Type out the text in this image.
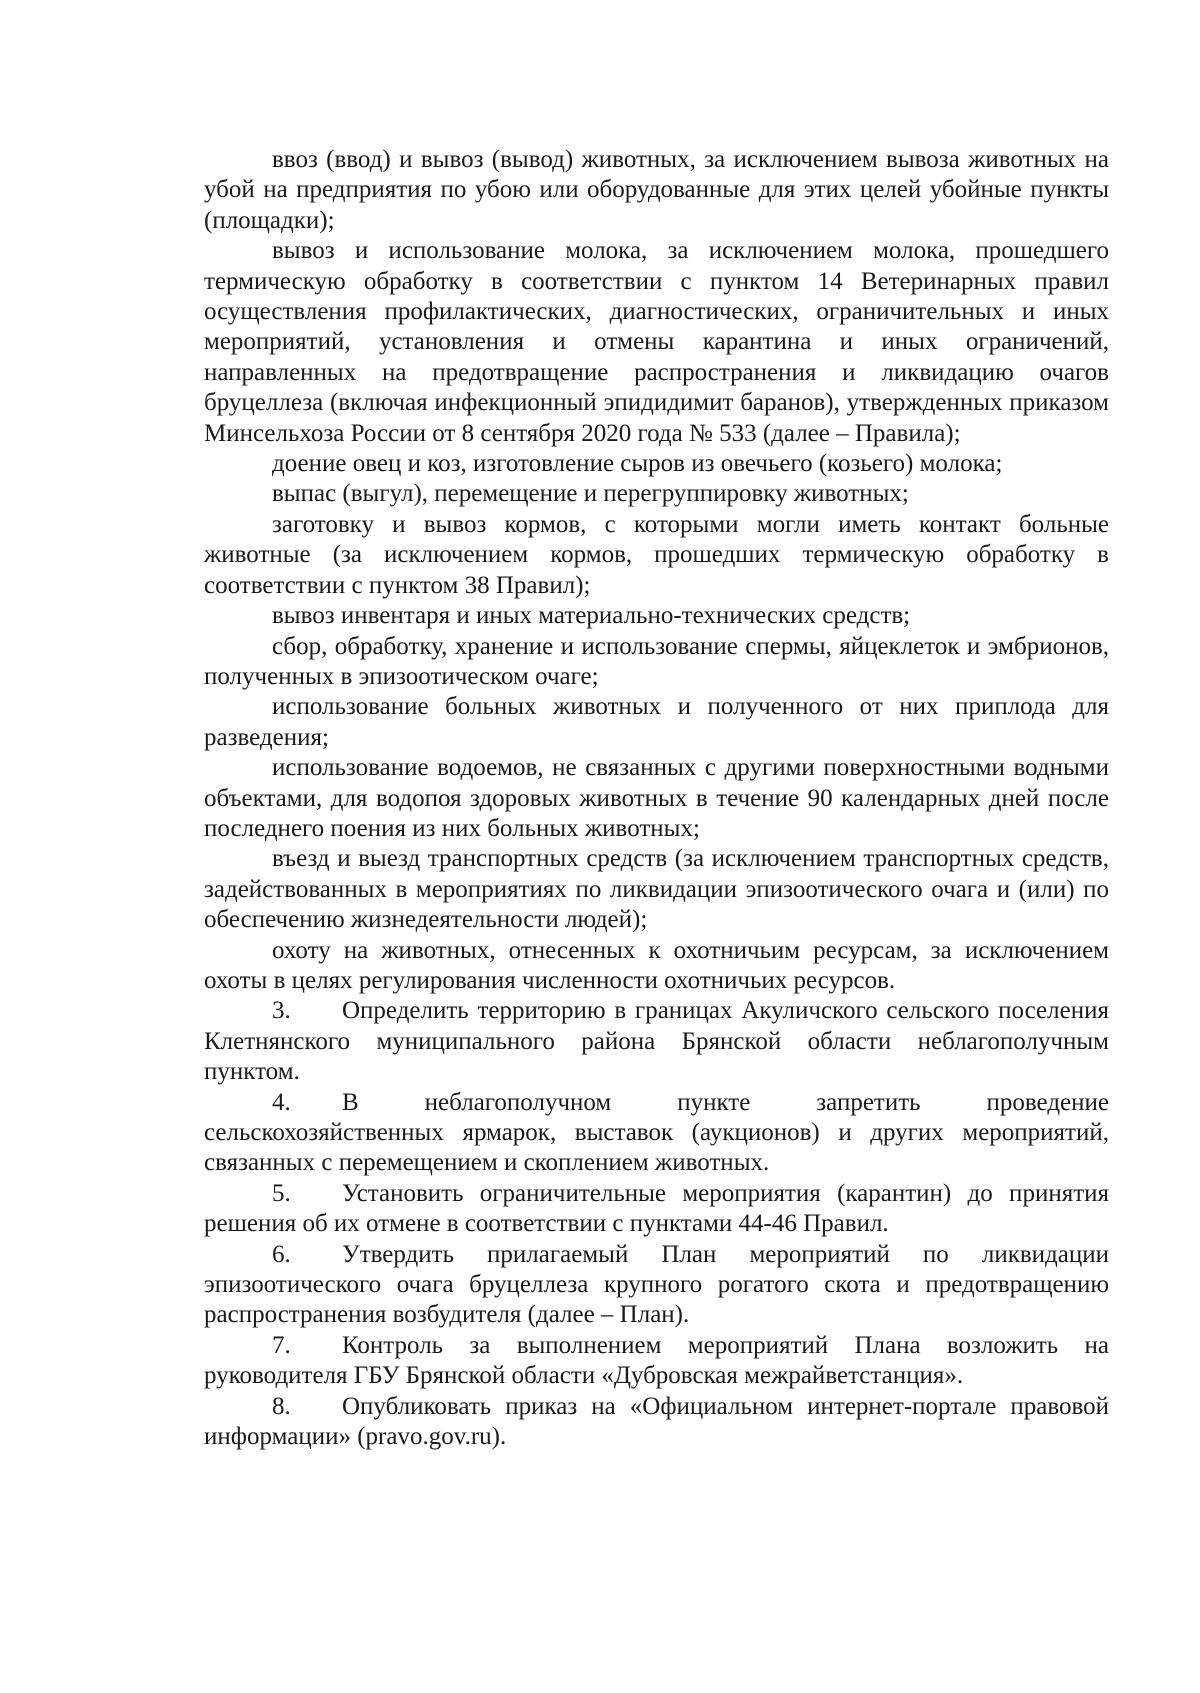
ввоз (ввод) и вывоз (вывод) животных, за исключением вывоза животных на убой на предприятия по убою или оборудованные для этих целей убойные пункты (площадки);

вывоз и использование молока, за исключением молока, прошедшего термическую обработку в соответствии с пунктом 14 Ветеринарных правил осуществления профилактических, диагностических, ограничительных и иных мероприятий, установления и отмены карантина и иных ограничений, направленных на предотвращение распространения и ликвидацию очагов бруцеллеза (включая инфекционный эпидидимит баранов), утвержденных приказом Минсельхоза России от 8 сентября 2020 года № 533 (далее – Правила);

доение овец и коз, изготовление сыров из овечьего (козьего) молока;

выпас (выгул), перемещение и перегруппировку животных;

заготовку и вывоз кормов, с которыми могли иметь контакт больные животные (за исключением кормов, прошедших термическую обработку в соответствии с пунктом 38 Правил);

вывоз инвентаря и иных материально-технических средств;

сбор, обработку, хранение и использование спермы, яйцеклеток и эмбрионов, полученных в эпизоотическом очаге;

использование больных животных и полученного от них приплода для разведения;

использование водоемов, не связанных с другими поверхностными водными объектами, для водопоя здоровых животных в течение 90 календарных дней после последнего поения из них больных животных;

въезд и выезд транспортных средств (за исключением транспортных средств, задействованных в мероприятиях по ликвидации эпизоотического очага и (или) по обеспечению жизнедеятельности людей);

охоту на животных, отнесенных к охотничьим ресурсам, за исключением охоты в целях регулирования численности охотничьих ресурсов.

3. Определить территорию в границах Акуличского сельского поселения Клетнянского муниципального района Брянской области неблагополучным пунктом.

4. В неблагополучном пункте запретить проведение сельскохозяйственных ярмарок, выставок (аукционов) и других мероприятий, связанных с перемещением и скоплением животных.

5. Установить ограничительные мероприятия (карантин) до принятия решения об их отмене в соответствии с пунктами 44-46 Правил.

6. Утвердить прилагаемый План мероприятий по ликвидации эпизоотического очага бруцеллеза крупного рогатого скота и предотвращению распространения возбудителя (далее – План).

7. Контроль за выполнением мероприятий Плана возложить на руководителя ГБУ Брянской области «Дубровская межрайветстанция».

8. Опубликовать приказ на «Официальном интернет-портале правовой информации» (pravo.gov.ru).
